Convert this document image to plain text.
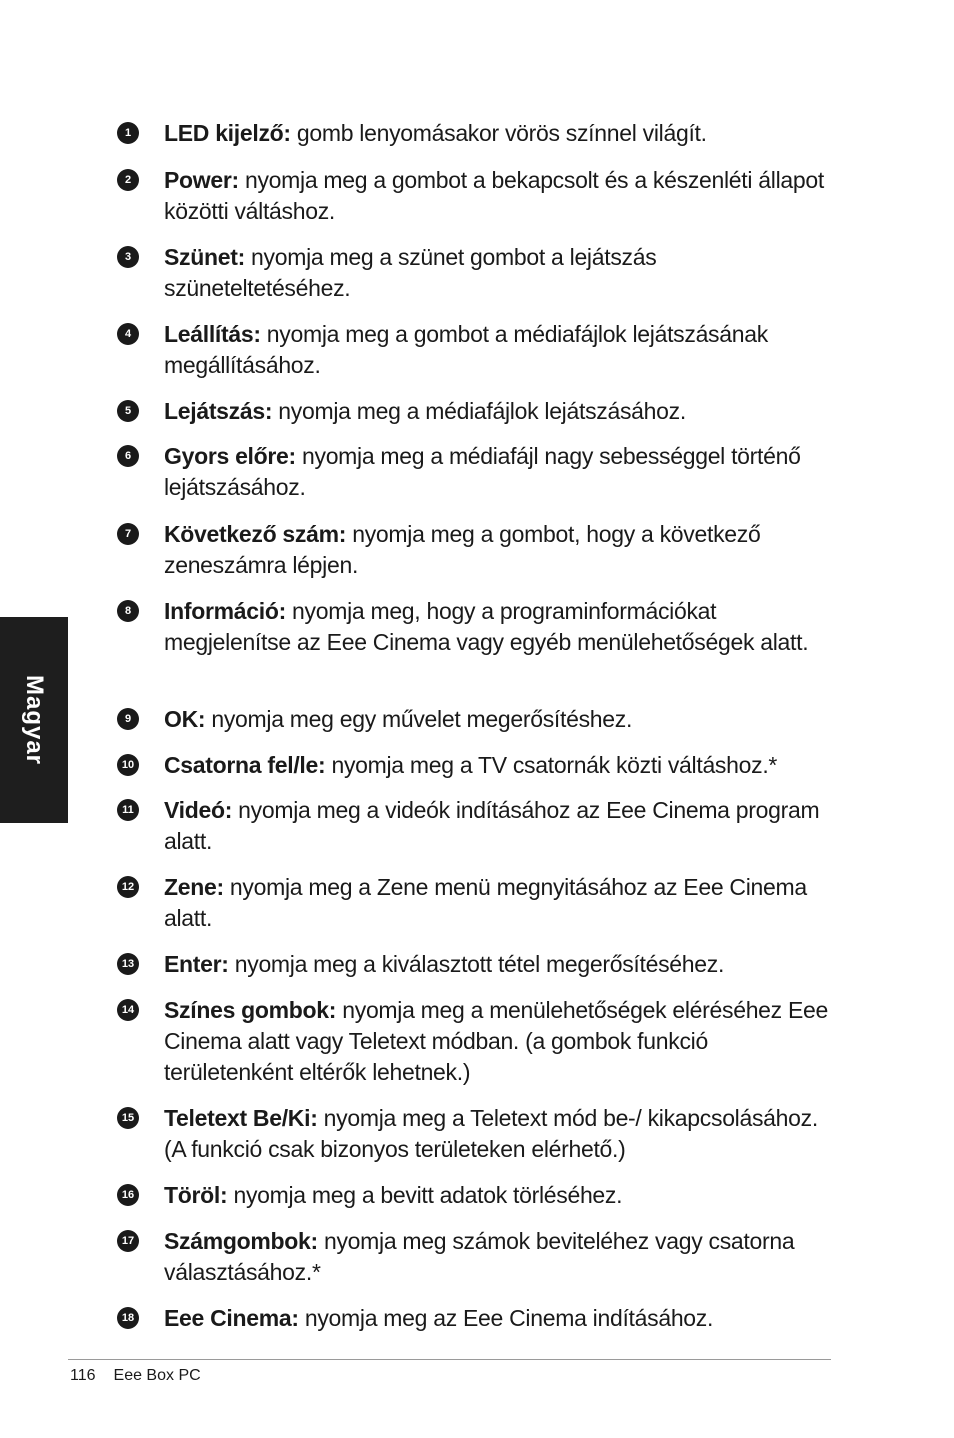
Magyar
1	LED kijelző: gomb lenyomásakor vörös színnel világít.
2	Power: nyomja meg a gombot a bekapcsolt és a készenléti állapot közötti váltáshoz.
3	Szünet: nyomja meg a szünet gombot a lejátszás szüneteltetéséhez.
4	Leállítás: nyomja meg a gombot a médiafájlok lejátszásának megállításához.
5	Lejátszás: nyomja meg a médiafájlok lejátszásához.
6	Gyors előre: nyomja meg a médiafájl nagy sebességgel történő lejátszásához.
7	Következő szám: nyomja meg a gombot, hogy a következő zeneszámra lépjen.
8	Információ: nyomja meg, hogy a programinformációkat megjelenítse az Eee Cinema vagy egyéb menülehetőségek alatt.
9	OK: nyomja meg egy művelet megerősítéshez.
10 Csatorna fel/le: nyomja meg a TV csatornák közti váltáshoz.*
11 Videó: nyomja meg a videók indításához az Eee Cinema program alatt.
12 Zene: nyomja meg a Zene menü megnyitásához az Eee Cinema alatt.
13 Enter: nyomja meg a kiválasztott tétel megerősítéséhez.
14 Színes gombok: nyomja meg a menülehetőségek eléréséhez Eee Cinema alatt vagy Teletext módban. (a gombok funkció területenként eltérők lehetnek.)
15 Teletext Be/Ki: nyomja meg a Teletext mód be-/ kikapcsolásához. (A funkció csak bizonyos területeken elérhető.)
16 Töröl: nyomja meg a bevitt adatok törléséhez.
17 Számgombok: nyomja meg számok beviteléhez vagy csatorna választásához.*
18 Eee Cinema: nyomja meg az Eee Cinema indításához.
116 Eee Box PC
